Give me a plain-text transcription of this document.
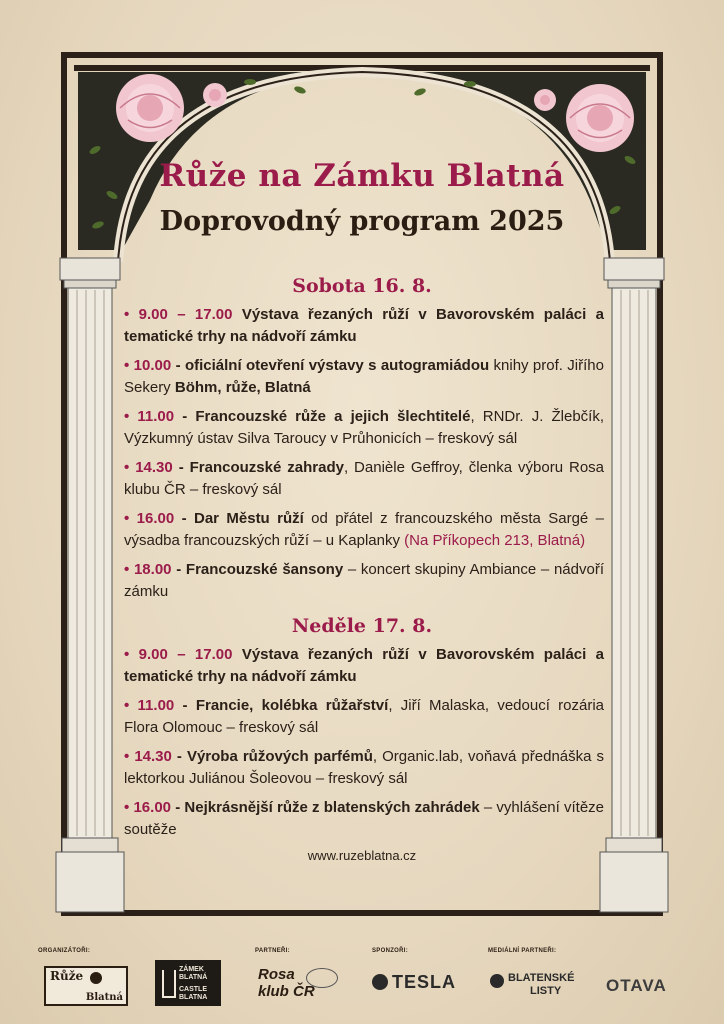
Růže na Zámku Blatná
Doprovodný program 2025
Sobota 16. 8.
• 9.00 – 17.00 Výstava řezaných růží v Bavorovském paláci a tematické trhy na nádvoří zámku
• 10.00 - oficiální otevření výstavy s autogramiádou knihy prof. Jiřího Sekery Böhm, růže, Blatná
• 11.00 - Francouzské růže a jejich šlechtitelé, RNDr. J. Žlebčík, Výzkumný ústav Silva Taroucy v Průhonicích – freskový sál
• 14.30 - Francouzské zahrady, Danièle Geffroy, členka výboru Rosa klubu ČR – freskový sál
• 16.00 - Dar Městu růží od přátel z francouzského města Sargé – výsadba francouzských růží – u Kaplanky (Na Příkopech 213, Blatná)
• 18.00 - Francouzské šansony – koncert skupiny Ambiance – nádvoří zámku
Neděle 17. 8.
• 9.00 – 17.00 Výstava řezaných růží v Bavorovském paláci a tematické trhy na nádvoří zámku
• 11.00 - Francie, kolébka růžařství, Jiří Malaska, vedoucí rozária Flora Olomouc – freskový sál
• 14.30 - Výroba růžových parfémů, Organic.lab, voňavá přednáška s lektorkou Juliánou Šoleovou – freskový sál
• 16.00 - Nejkrásnější růže z blatenských zahrádek – vyhlášení vítěze soutěže
www.ruzeblatna.cz
ORGANIZÁTOŘI:	PARTNEŘI:	SPONZOŘI:	MEDIÁLNÍ PARTNEŘI:
Růže
Blatná
ZÁMEK
BLATNÁ
CASTLE
BLATNA
Rosa
klub ČR	TESLA	BLATENSKÉ
LISTY	OTAVA
